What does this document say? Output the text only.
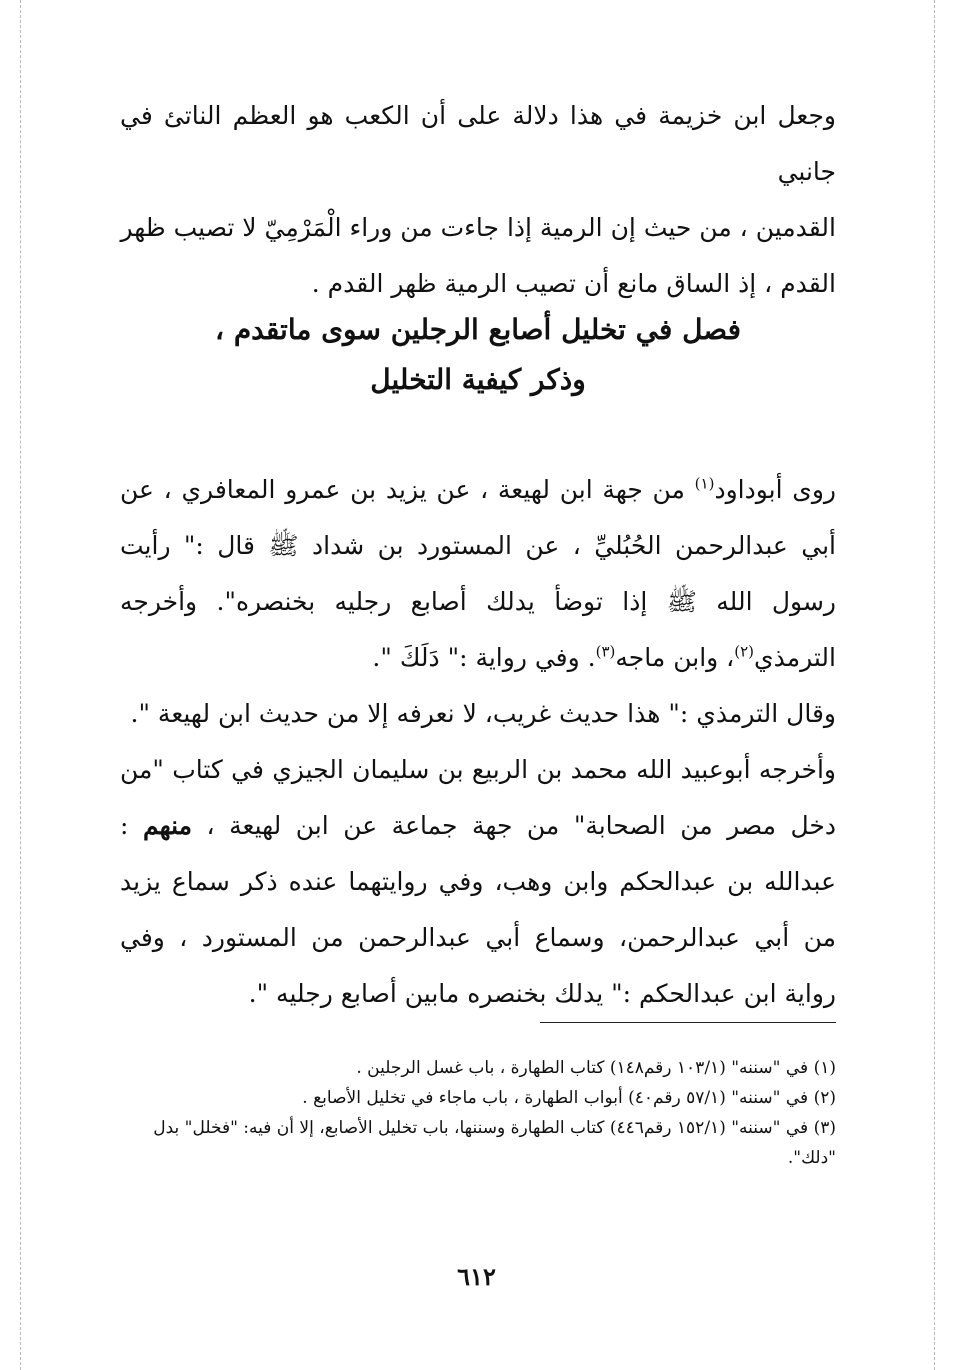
وجعل ابن خزيمة في هذا دلالة على أن الكعب هو العظم الناتئ في جانبي

القدمين ، من حيث إن الرمية إذا جاءت من وراء الْمَرْمِيّ لا تصيب ظهر

القدم ، إذ الساق مانع أن تصيب الرمية ظهر القدم .

فصل في تخليل أصابع الرجلين سوى ماتقدم ،
وذكر كيفية التخليل

روى أبوداود$^{(١)}$ من جهة ابن لهيعة ، عن يزيد بن عمرو المعافري ، عن أبي عبدالرحمن الحُبُليِّ ، عن المستورد بن شداد ﷺ قال :" رأيت رسول الله ﷺ إذا توضأ يدلك أصابع رجليه بخنصره". وأخرجه الترمذي$^{(٢)}$، وابن ماجه$^{(٣)}$. وفي رواية :" دَلَكَ ".

وقال الترمذي :" هذا حديث غريب، لا نعرفه إلا من حديث ابن لهيعة ".

وأخرجه أبوعبيد الله محمد بن الربيع بن سليمان الجيزي في كتاب "من دخل مصر من الصحابة" من جهة جماعة عن ابن لهيعة ، منهم : عبدالله بن عبدالحكم وابن وهب، وفي روايتهما عنده ذكر سماع يزيد من أبي عبدالرحمن، وسماع أبي عبدالرحمن من المستورد ، وفي رواية ابن عبدالحكم :" يدلك بخنصره مابين أصابع رجليه ".

(١) في "سننه" (١٠٣/١ رقم١٤٨) كتاب الطهارة ، باب غسل الرجلين .

(٢) في "سننه" (٥٧/١ رقم٤٠) أبواب الطهارة ، باب ماجاء في تخليل الأصابع .

(٣) في "سننه" (١٥٢/١ رقم٤٤٦) كتاب الطهارة وسننها، باب تخليل الأصابع، إلا أن فيه: "فخلل" بدل "دلك".

٦١٢
